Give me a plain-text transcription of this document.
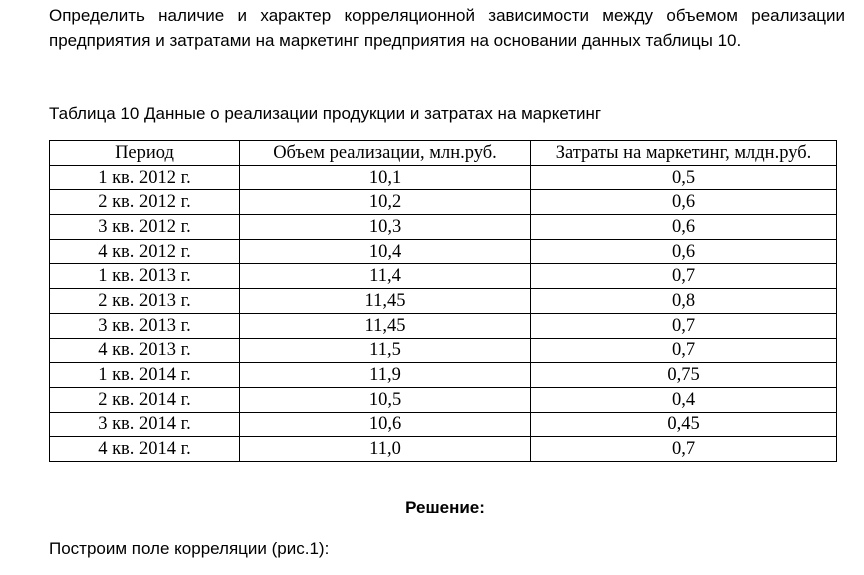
Определить наличие и характер корреляционной зависимости между объемом реализации предприятия и затратами на маркетинг предприятия на основании данных таблицы 10.

Таблица 10 Данные о реализации продукции и затратах на маркетинг

Период	Объем реализации, млн.руб.	Затраты на маркетинг, млдн.руб.
1 кв. 2012 г.	10,1	0,5
2 кв. 2012 г.	10,2	0,6
3 кв. 2012 г.	10,3	0,6
4 кв. 2012 г.	10,4	0,6
1 кв. 2013 г.	11,4	0,7
2 кв. 2013 г.	11,45	0,8
3 кв. 2013 г.	11,45	0,7
4 кв. 2013 г.	11,5	0,7
1 кв. 2014 г.	11,9	0,75
2 кв. 2014 г.	10,5	0,4
3 кв. 2014 г.	10,6	0,45
4 кв. 2014 г.	11,0	0,7

Решение:

Построим поле корреляции (рис.1):
